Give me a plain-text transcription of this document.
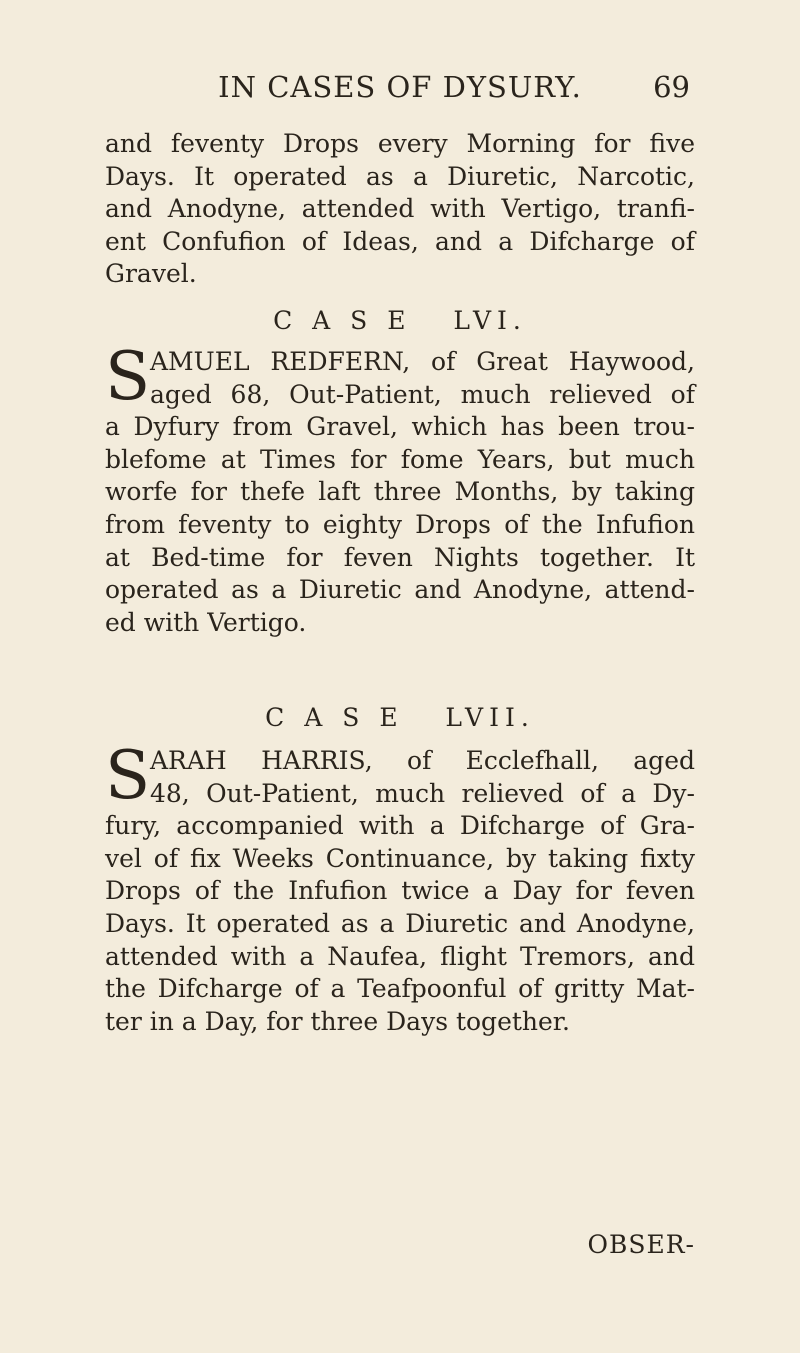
IN CASES OF DYSURY.	69
and feventy Drops every Morning for five
Days. It operated as a Diuretic, Narcotic,
and Anodyne, attended with Vertigo, tranfi-
ent Confufion of Ideas, and a Difcharge of
Gravel.
C A S E   LVI.
S AMUEL REDFERN, of Great Haywood,
aged 68, Out-Patient, much relieved of
a Dyfury from Gravel, which has been trou-
blefome at Times for fome Years, but much
worfe for thefe laft three Months, by taking
from feventy to eighty Drops of the Infufion
at Bed-time for feven Nights together. It
operated as a Diuretic and Anodyne, attend-
ed with Vertigo.
C A S E   LVII.
S ARAH HARRIS, of Ecclefhall, aged
48, Out-Patient, much relieved of a Dy-
fury, accompanied with a Difcharge of Gra-
vel of fix Weeks Continuance, by taking fixty
Drops of the Infufion twice a Day for feven
Days. It operated as a Diuretic and Anodyne,
attended with a Naufea, flight Tremors, and
the Difcharge of a Teafpoonful of gritty Mat-
ter in a Day, for three Days together.
OBSER-
